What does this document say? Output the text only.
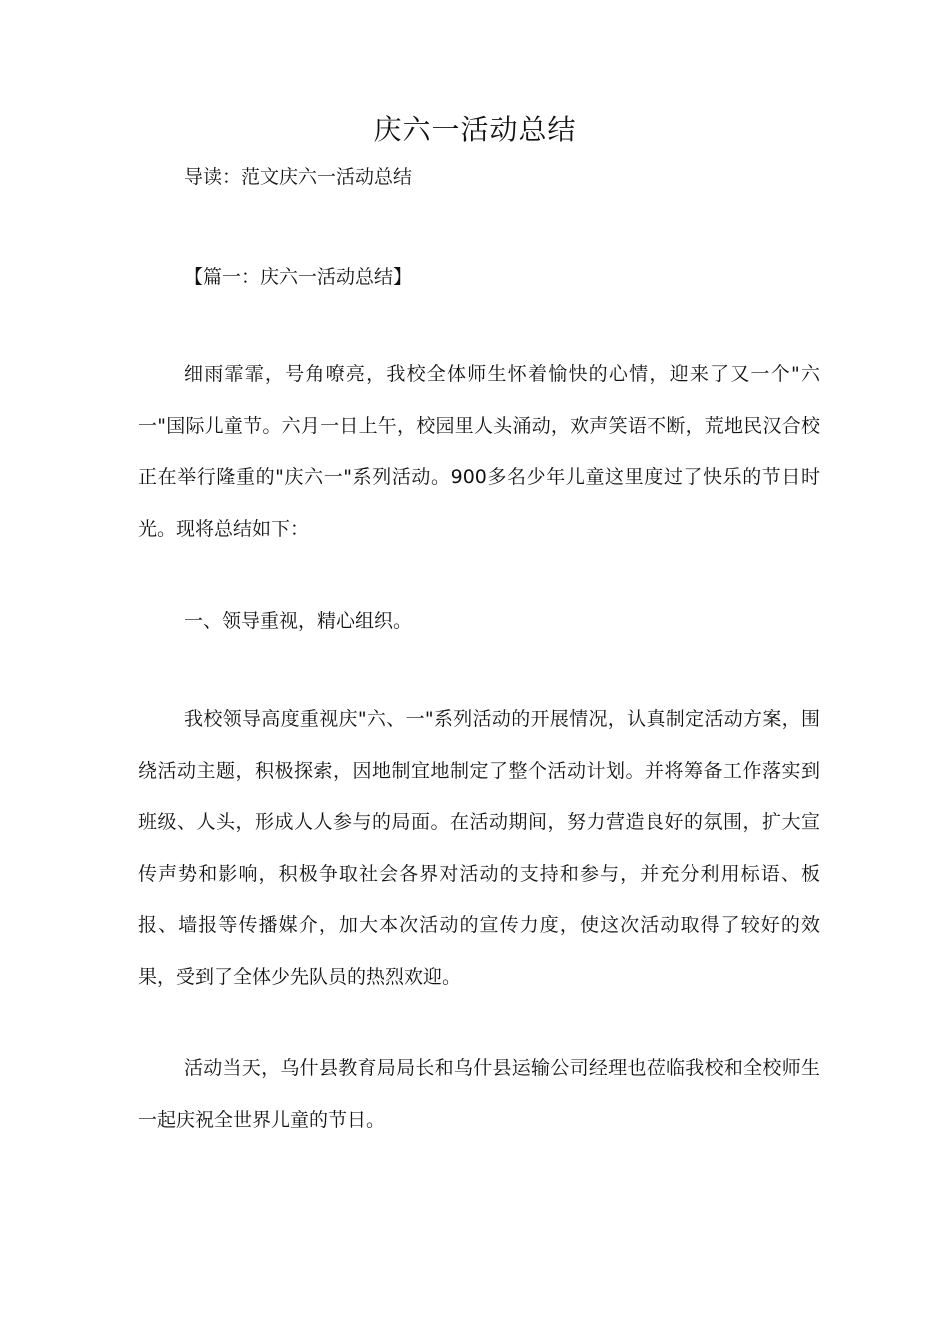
庆六一活动总结
导读：范文庆六一活动总结
【篇一：庆六一活动总结】

细雨霏霏，号角嘹亮，我校全体师生怀着愉快的心情，迎来了又一个"六一"国际儿童节。六月一日上午，校园里人头涌动，欢声笑语不断，荒地民汉合校正在举行隆重的"庆六一"系列活动。900多名少年儿童这里度过了快乐的节日时光。现将总结如下：

一、领导重视，精心组织。

我校领导高度重视庆"六、一"系列活动的开展情况，认真制定活动方案，围绕活动主题，积极探索，因地制宜地制定了整个活动计划。并将筹备工作落实到班级、人头，形成人人参与的局面。在活动期间，努力营造良好的氛围，扩大宣传声势和影响，积极争取社会各界对活动的支持和参与，并充分利用标语、板报、墙报等传播媒介，加大本次活动的宣传力度，使这次活动取得了较好的效果，受到了全体少先队员的热烈欢迎。

活动当天，乌什县教育局局长和乌什县运输公司经理也莅临我校和全校师生一起庆祝全世界儿童的节日。
